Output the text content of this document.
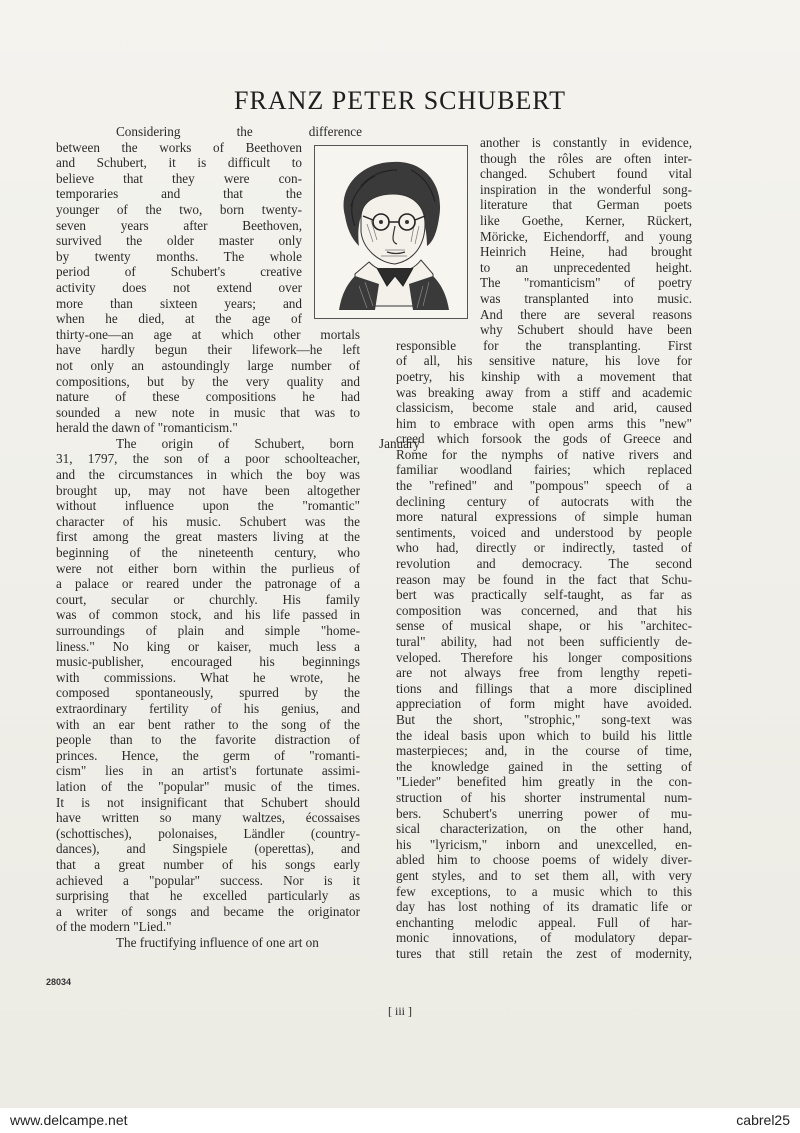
FRANZ PETER SCHUBERT
Considering the difference
between the works of Beethoven
and Schubert, it is difficult to
believe that they were con-
temporaries and that the
younger of the two, born twenty-
seven years after Beethoven,
survived the older master only
by twenty months. The whole
period of Schubert's creative
activity does not extend over
more than sixteen years; and
when he died, at the age of
thirty-one—an age at which other mortals
have hardly begun their lifework—he left
not only an astoundingly large number of
compositions, but by the very quality and
nature of these compositions he had
sounded a new note in music that was to
herald the dawn of "romanticism."
The origin of Schubert, born January
31, 1797, the son of a poor schoolteacher,
and the circumstances in which the boy was
brought up, may not have been altogether
without influence upon the "romantic"
character of his music. Schubert was the
first among the great masters living at the
beginning of the nineteenth century, who
were not either born within the purlieus of
a palace or reared under the patronage of a
court, secular or churchly. His family
was of common stock, and his life passed in
surroundings of plain and simple "home-
liness." No king or kaiser, much less a
music-publisher, encouraged his beginnings
with commissions. What he wrote, he
composed spontaneously, spurred by the
extraordinary fertility of his genius, and
with an ear bent rather to the song of the
people than to the favorite distraction of
princes. Hence, the germ of "romanti-
cism" lies in an artist's fortunate assimi-
lation of the "popular" music of the times.
It is not insignificant that Schubert should
have written so many waltzes, écossaises
(schottisches), polonaises, Ländler (country-
dances), and Singspiele (operettas), and
that a great number of his songs early
achieved a "popular" success. Nor is it
surprising that he excelled particularly as
a writer of songs and became the originator
of the modern "Lied."
The fructifying influence of one art on
another is constantly in evidence,
though the rôles are often inter-
changed. Schubert found vital
inspiration in the wonderful song-
literature that German poets
like Goethe, Kerner, Rückert,
Möricke, Eichendorff, and young
Heinrich Heine, had brought
to an unprecedented height.
The "romanticism" of poetry
was transplanted into music.
And there are several reasons
why Schubert should have been
responsible for the transplanting. First
of all, his sensitive nature, his love for
poetry, his kinship with a movement that
was breaking away from a stiff and academic
classicism, become stale and arid, caused
him to embrace with open arms this "new"
creed which forsook the gods of Greece and
Rome for the nymphs of native rivers and
familiar woodland fairies; which replaced
the "refined" and "pompous" speech of a
declining century of autocrats with the
more natural expressions of simple human
sentiments, voiced and understood by people
who had, directly or indirectly, tasted of
revolution and democracy. The second
reason may be found in the fact that Schu-
bert was practically self-taught, as far as
composition was concerned, and that his
sense of musical shape, or his "architec-
tural" ability, had not been sufficiently de-
veloped. Therefore his longer compositions
are not always free from lengthy repeti-
tions and fillings that a more disciplined
appreciation of form might have avoided.
But the short, "strophic," song-text was
the ideal basis upon which to build his little
masterpieces; and, in the course of time,
the knowledge gained in the setting of
"Lieder" benefited him greatly in the con-
struction of his shorter instrumental num-
bers. Schubert's unerring power of mu-
sical characterization, on the other hand,
his "lyricism," inborn and unexcelled, en-
abled him to choose poems of widely diver-
gent styles, and to set them all, with very
few exceptions, to a music which to this
day has lost nothing of its dramatic life or
enchanting melodic appeal. Full of har-
monic innovations, of modulatory depar-
tures that still retain the zest of modernity,
28034
[ iii ]
www.delcampe.net	cabrel25
